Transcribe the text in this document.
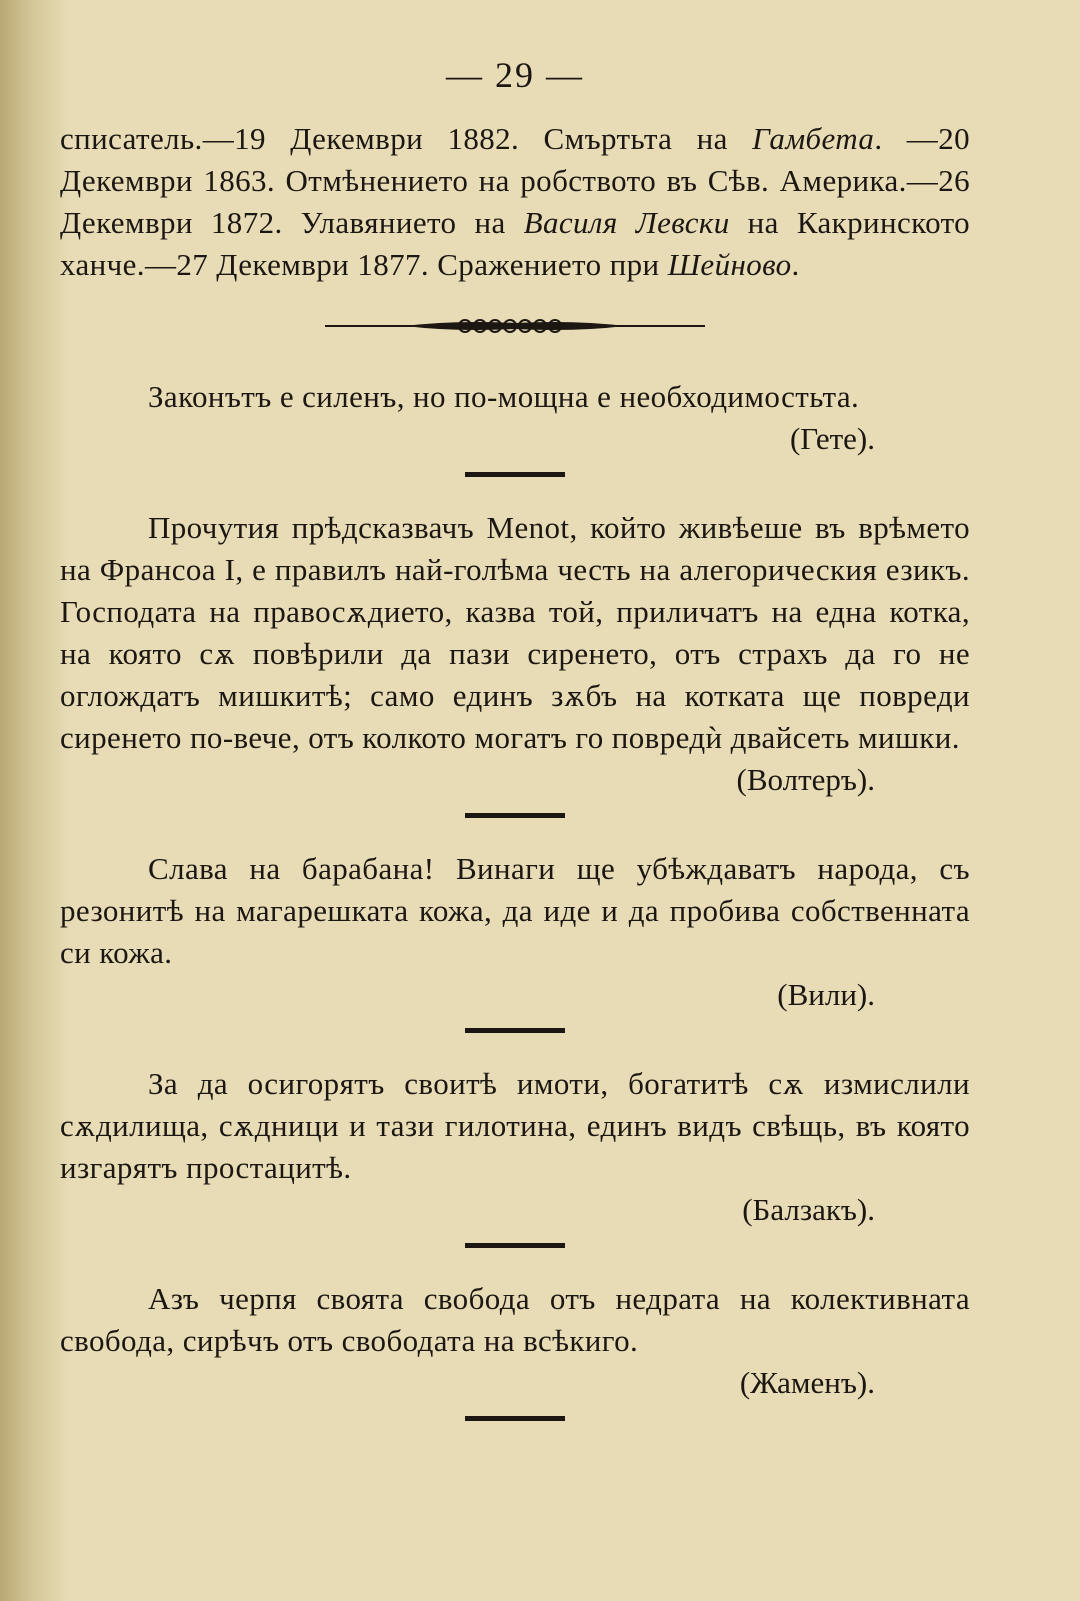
— 29 —

списатель.—19 Декември 1882. Смъртьта на Гамбета. —20 Декември 1863. Отмѣнението на робството въ Сѣв. Америка.—26 Декември 1872. Улавянието на Василя Левски на Какринското ханче.—27 Декември 1877. Сражението при Шейново.

Законътъ е силенъ, но по-мощна е необходимостьта.

(Гете).

Прочутия прѣдсказвачъ Menot, който живѣеше въ врѣмето на Франсоа I, е правилъ най-голѣма честь на алегорическия езикъ. Господата на правосѫдието, казва той, приличатъ на една котка, на която сѫ повѣрили да пази сиренето, отъ страхъ да го не оглождатъ мишкитѣ; само единъ зѫбъ на котката ще повреди сиренето по-вече, отъ колкото могатъ го повредѝ двайсеть мишки.

(Волтеръ).

Слава на барабана! Винаги ще убѣждаватъ народа, съ резонитѣ на магарешката кожа, да иде и да пробива собственната си кожа.

(Вили).

За да осигорятъ своитѣ имоти, богатитѣ сѫ измислили сѫдилища, сѫдници и тази гилотина, единъ видъ свѣщь, въ която изгарятъ простацитѣ.

(Балзакъ).

Азъ черпя своята свобода отъ недрата на колективната свобода, сирѣчъ отъ свободата на всѣкиго.

(Жаменъ).
